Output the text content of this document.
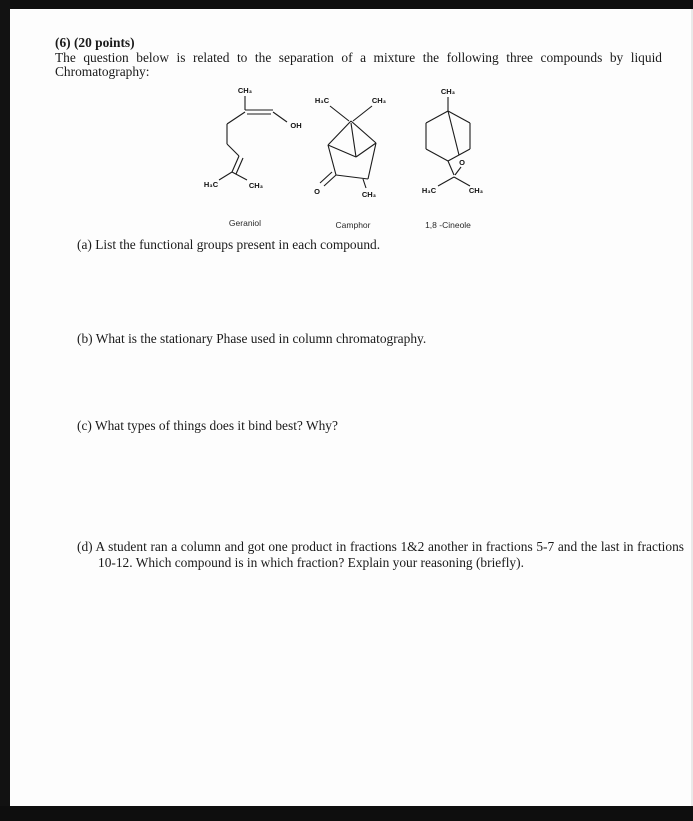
(6) (20 points)
The question below is related to the separation of a mixture the following three compounds by liquid
Chromatography:
CH₃
OH
H₃C	CH₃
H₃C	CH₃
O	CH₃
CH₃
O
H₃C	CH₃
Geraniol	Camphor	1,8 -Cineole
(a) List the functional groups present in each compound.
(b) What is the stationary Phase used in column chromatography.
(c) What types of things does it bind best? Why?
(d) A student ran a column and got one product in fractions 1&2 another in fractions 5-7 and the last in fractions 10-12. Which compound is in which fraction? Explain your reasoning (briefly).
